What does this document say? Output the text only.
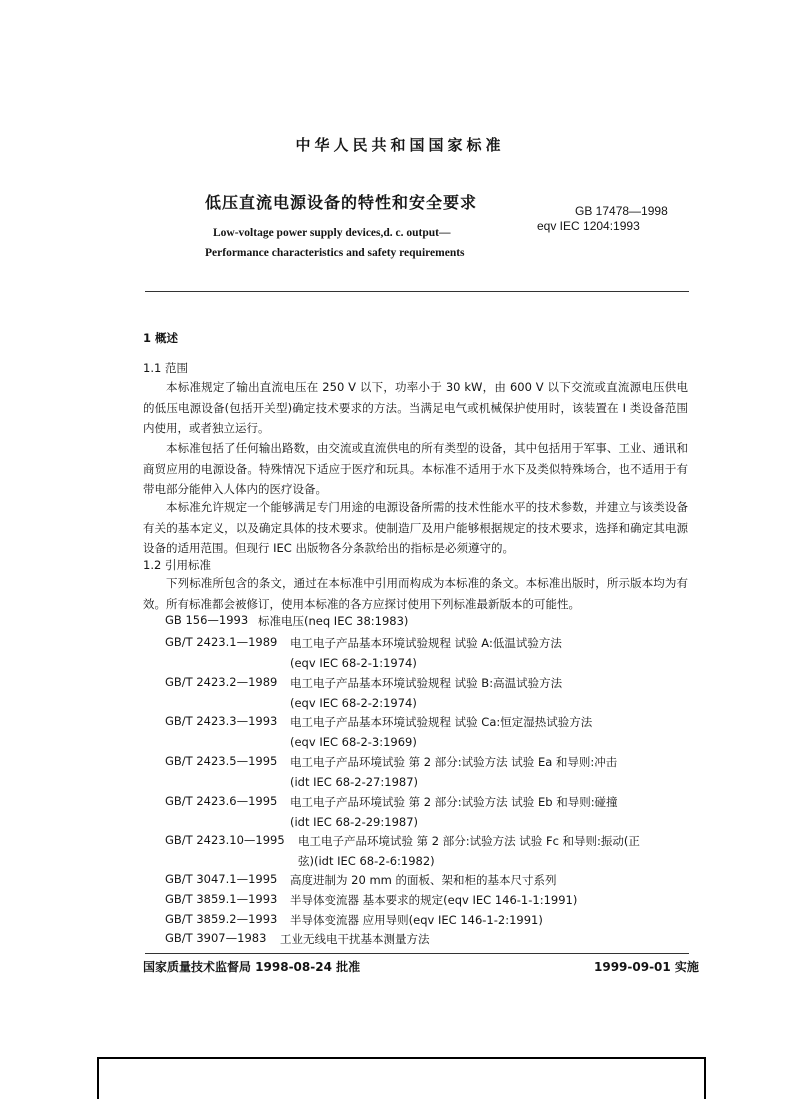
中华人民共和国国家标准
低压直流电源设备的特性和安全要求	GB 17478—1998
eqv IEC 1204:1993
Low-voltage power supply devices,d. c. output—
Performance characteristics and safety requirements
1 概述
1.1 范围
本标准规定了输出直流电压在 250 V 以下，功率小于 30 kW，由 600 V 以下交流或直流源电压供电的低压电源设备(包括开关型)确定技术要求的方法。当满足电气或机械保护使用时，该装置在 I 类设备范围内使用，或者独立运行。
本标准包括了任何输出路数，由交流或直流供电的所有类型的设备，其中包括用于军事、工业、通讯和商贸应用的电源设备。特殊情况下适应于医疗和玩具。本标准不适用于水下及类似特殊场合，也不适用于有带电部分能伸入人体内的医疗设备。
本标准允许规定一个能够满足专门用途的电源设备所需的技术性能水平的技术参数，并建立与该类设备有关的基本定义，以及确定具体的技术要求。使制造厂及用户能够根据规定的技术要求，选择和确定其电源设备的适用范围。但现行 IEC 出版物各分条款给出的指标是必须遵守的。
1.2 引用标准
下列标准所包含的条文，通过在本标准中引用而构成为本标准的条文。本标准出版时，所示版本均为有效。所有标准都会被修订，使用本标准的各方应探讨使用下列标准最新版本的可能性。
GB 156—1993 标准电压(neq IEC 38:1983)
GB/T 2423.1—1989 电工电子产品基本环境试验规程 试验 A:低温试验方法
(eqv IEC 68-2-1:1974)
GB/T 2423.2—1989 电工电子产品基本环境试验规程 试验 B:高温试验方法
(eqv IEC 68-2-2:1974)
GB/T 2423.3—1993 电工电子产品基本环境试验规程 试验 Ca:恒定湿热试验方法
(eqv IEC 68-2-3:1969)
GB/T 2423.5—1995 电工电子产品环境试验 第 2 部分:试验方法 试验 Ea 和导则:冲击
(idt IEC 68-2-27:1987)
GB/T 2423.6—1995 电工电子产品环境试验 第 2 部分:试验方法 试验 Eb 和导则:碰撞
(idt IEC 68-2-29:1987)
GB/T 2423.10—1995 电工电子产品环境试验 第 2 部分:试验方法 试验 Fc 和导则:振动(正
弦)(idt IEC 68-2-6:1982)
GB/T 3047.1—1995 高度进制为 20 mm 的面板、架和柜的基本尺寸系列
GB/T 3859.1—1993 半导体变流器 基本要求的规定(eqv IEC 146-1-1:1991)
GB/T 3859.2—1993 半导体变流器 应用导则(eqv IEC 146-1-2:1991)
GB/T 3907—1983 工业无线电干扰基本测量方法
国家质量技术监督局 1998-08-24 批准	1999-09-01 实施
